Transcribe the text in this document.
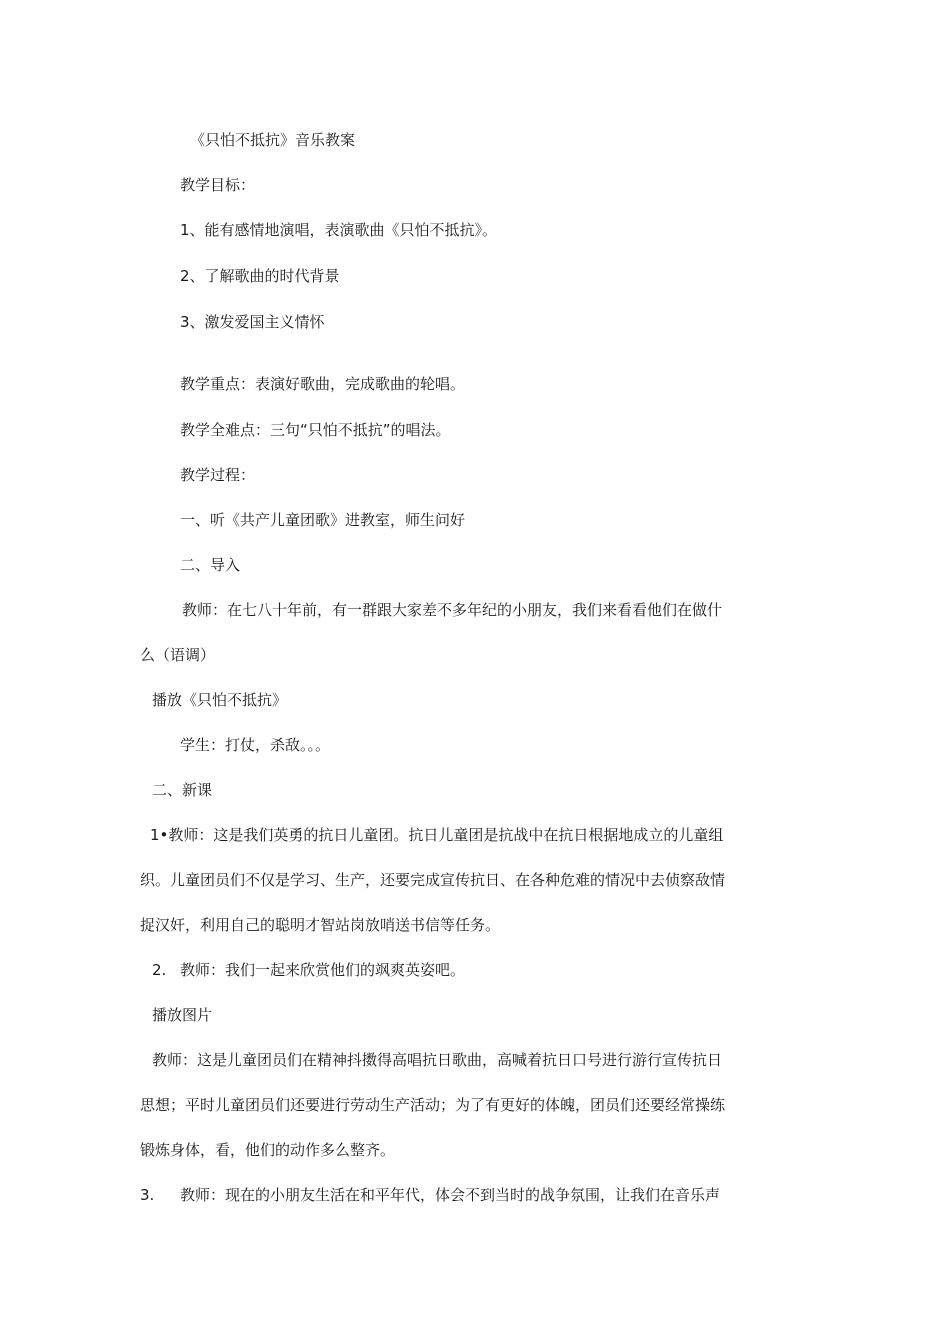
《只怕不抵抗》音乐教案
教学目标：
1、能有感情地演唱，表演歌曲《只怕不抵抗》。
2、了解歌曲的时代背景
3、激发爱国主义情怀
教学重点：表演好歌曲，完成歌曲的轮唱。
教学全难点：三句“只怕不抵抗”的唱法。
教学过程：
一、听《共产儿童团歌》进教室，师生问好
二、导入
教师：在七八十年前，有一群跟大家差不多年纪的小朋友，我们来看看他们在做什
么（语调）
播放《只怕不抵抗》
学生：打仗，杀敌。。。
二、新课
1•教师：这是我们英勇的抗日儿童团。抗日儿童团是抗战中在抗日根据地成立的儿童组
织。儿童团员们不仅是学习、生产，还要完成宣传抗日、在各种危难的情况中去侦察敌情
捉汉奸，利用自己的聪明才智站岗放哨送书信等任务。
2. 教师：我们一起来欣赏他们的飒爽英姿吧。
播放图片
教师：这是儿童团员们在精神抖擞得高唱抗日歌曲，高喊着抗日口号进行游行宣传抗日
思想；平时儿童团员们还要进行劳动生产活动；为了有更好的体魄，团员们还要经常操练
锻炼身体，看，他们的动作多么整齐。
3. 教师：现在的小朋友生活在和平年代，体会不到当时的战争氛围，让我们在音乐声
